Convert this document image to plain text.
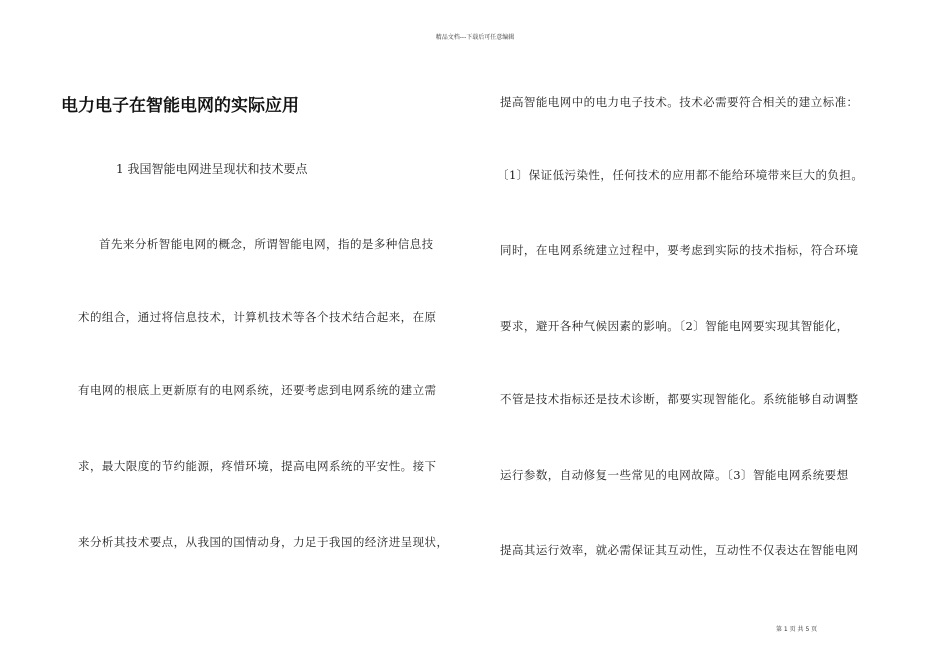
精品文档---下载后可任意编辑
电力电子在智能电网的实际应用
1 我国智能电网进呈现状和技术要点
首先来分析智能电网的概念，所谓智能电网，指的是多种信息技
术的组合，通过将信息技术，计算机技术等各个技术结合起来，在原
有电网的根底上更新原有的电网系统，还要考虑到电网系统的建立需
求，最大限度的节约能源，疼惜环境，提高电网系统的平安性。接下
来分析其技术要点，从我国的国情动身，力足于我国的经济进呈现状，
提高智能电网中的电力电子技术。技术必需要符合相关的建立标准：
〔1〕保证低污染性，任何技术的应用都不能给环境带来巨大的负担。
同时，在电网系统建立过程中，要考虑到实际的技术指标，符合环境
要求，避开各种气候因素的影响。〔2〕智能电网要实现其智能化，
不管是技术指标还是技术诊断，都要实现智能化。系统能够自动调整
运行参数，自动修复一些常见的电网故障。〔3〕智能电网系统要想
提高其运行效率，就必需保证其互动性，互动性不仅表达在智能电网
第 1 页 共 5 页
